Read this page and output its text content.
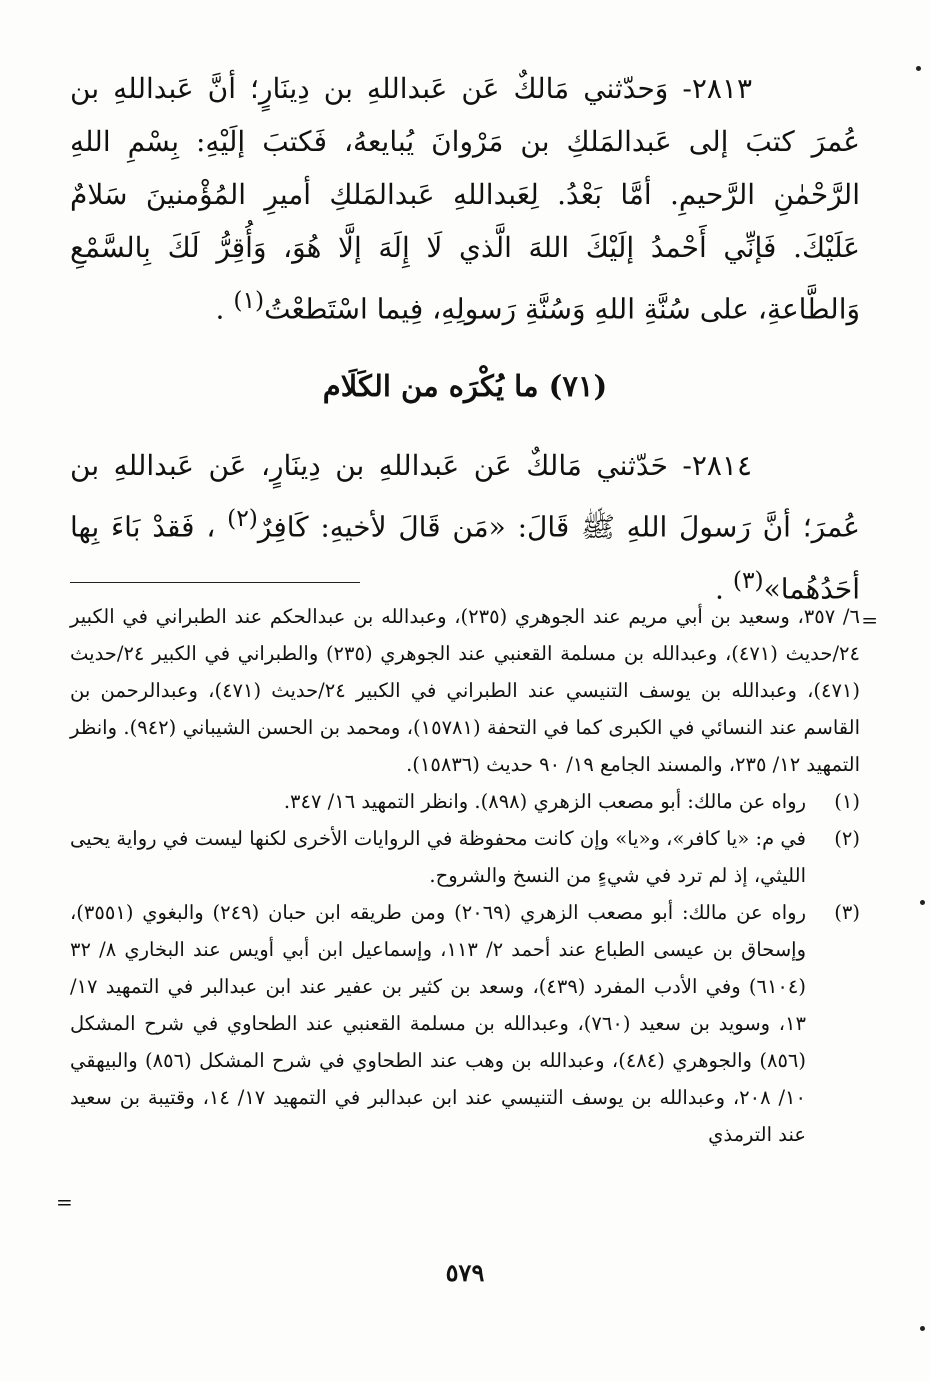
٢٨١٣- وَحدّثني مَالكٌ عَن عَبداللهِ بن دِينَارٍ؛ أنَّ عَبداللهِ بن عُمرَ كتبَ إلى عَبدالمَلكِ بن مَرْوانَ يُبايعهُ، فَكتبَ إلَيْهِ: بِسْمِ اللهِ الرَّحْمٰنِ الرَّحيمِ. أمَّا بَعْدُ. لِعَبداللهِ عَبدالمَلكِ أميرِ المُؤْمنينَ سَلامٌ عَلَيْكَ. فَإنِّي أَحْمدُ إلَيْكَ اللهَ الَّذي لَا إِلَهَ إلَّا هُوَ، وَأُقِرُّ لَكَ بِالسَّمْعِ وَالطَّاعةِ، على سُنَّةِ اللهِ وَسُنَّةِ رَسولِهِ، فِيما اسْتَطعْتُ$^{(١)}$ .

(٧١) ما يُكْرَه من الكَلَام

٢٨١٤- حَدّثني مَالكٌ عَن عَبداللهِ بن دِينَارٍ، عَن عَبداللهِ بن عُمرَ؛ أنَّ رَسولَ اللهِ ﷺ قَالَ: «مَن قَالَ لأخيهِ: كَافِرٌ$^{(٢)}$ ، فَقدْ بَاءَ بِها أحَدُهُما»$^{(٣)}$ .

=

٦/ ٣٥٧، وسعيد بن أبي مريم عند الجوهري (٢٣٥)، وعبدالله بن عبدالحكم عند الطبراني في الكبير ٢٤/حديث (٤٧١)، وعبدالله بن مسلمة القعنبي عند الجوهري (٢٣٥) والطبراني في الكبير ٢٤/حديث (٤٧١)، وعبدالله بن يوسف التنيسي عند الطبراني في الكبير ٢٤/حديث (٤٧١)، وعبدالرحمن بن القاسم عند النسائي في الكبرى كما في التحفة (١٥٧٨١)، ومحمد بن الحسن الشيباني (٩٤٢). وانظر التمهيد ١٢/ ٢٣٥، والمسند الجامع ١٩/ ٩٠ حديث (١٥٨٣٦).

(١)
رواه عن مالك: أبو مصعب الزهري (٨٩٨). وانظر التمهيد ١٦/ ٣٤٧.
(٢)
في م: «يا كافر»، و«يا» وإن كانت محفوظة في الروايات الأخرى لكنها ليست في رواية يحيى الليثي، إذ لم ترد في شيءٍ من النسخ والشروح.
(٣)
رواه عن مالك: أبو مصعب الزهري (٢٠٦٩) ومن طريقه ابن حبان (٢٤٩) والبغوي (٣٥٥١)، وإسحاق بن عيسى الطباع عند أحمد ٢/ ١١٣، وإسماعيل ابن أبي أويس عند البخاري ٨/ ٣٢ (٦١٠٤) وفي الأدب المفرد (٤٣٩)، وسعد بن كثير بن عفير عند ابن عبدالبر في التمهيد ١٧/ ١٣، وسويد بن سعيد (٧٦٠)، وعبدالله بن مسلمة القعنبي عند الطحاوي في شرح المشكل (٨٥٦) والجوهري (٤٨٤)، وعبدالله بن وهب عند الطحاوي في شرح المشكل (٨٥٦) والبيهقي ١٠/ ٢٠٨، وعبدالله بن يوسف التنيسي عند ابن عبدالبر في التمهيد ١٧/ ١٤، وقتيبة بن سعيد عند الترمذي
=
٥٧٩
